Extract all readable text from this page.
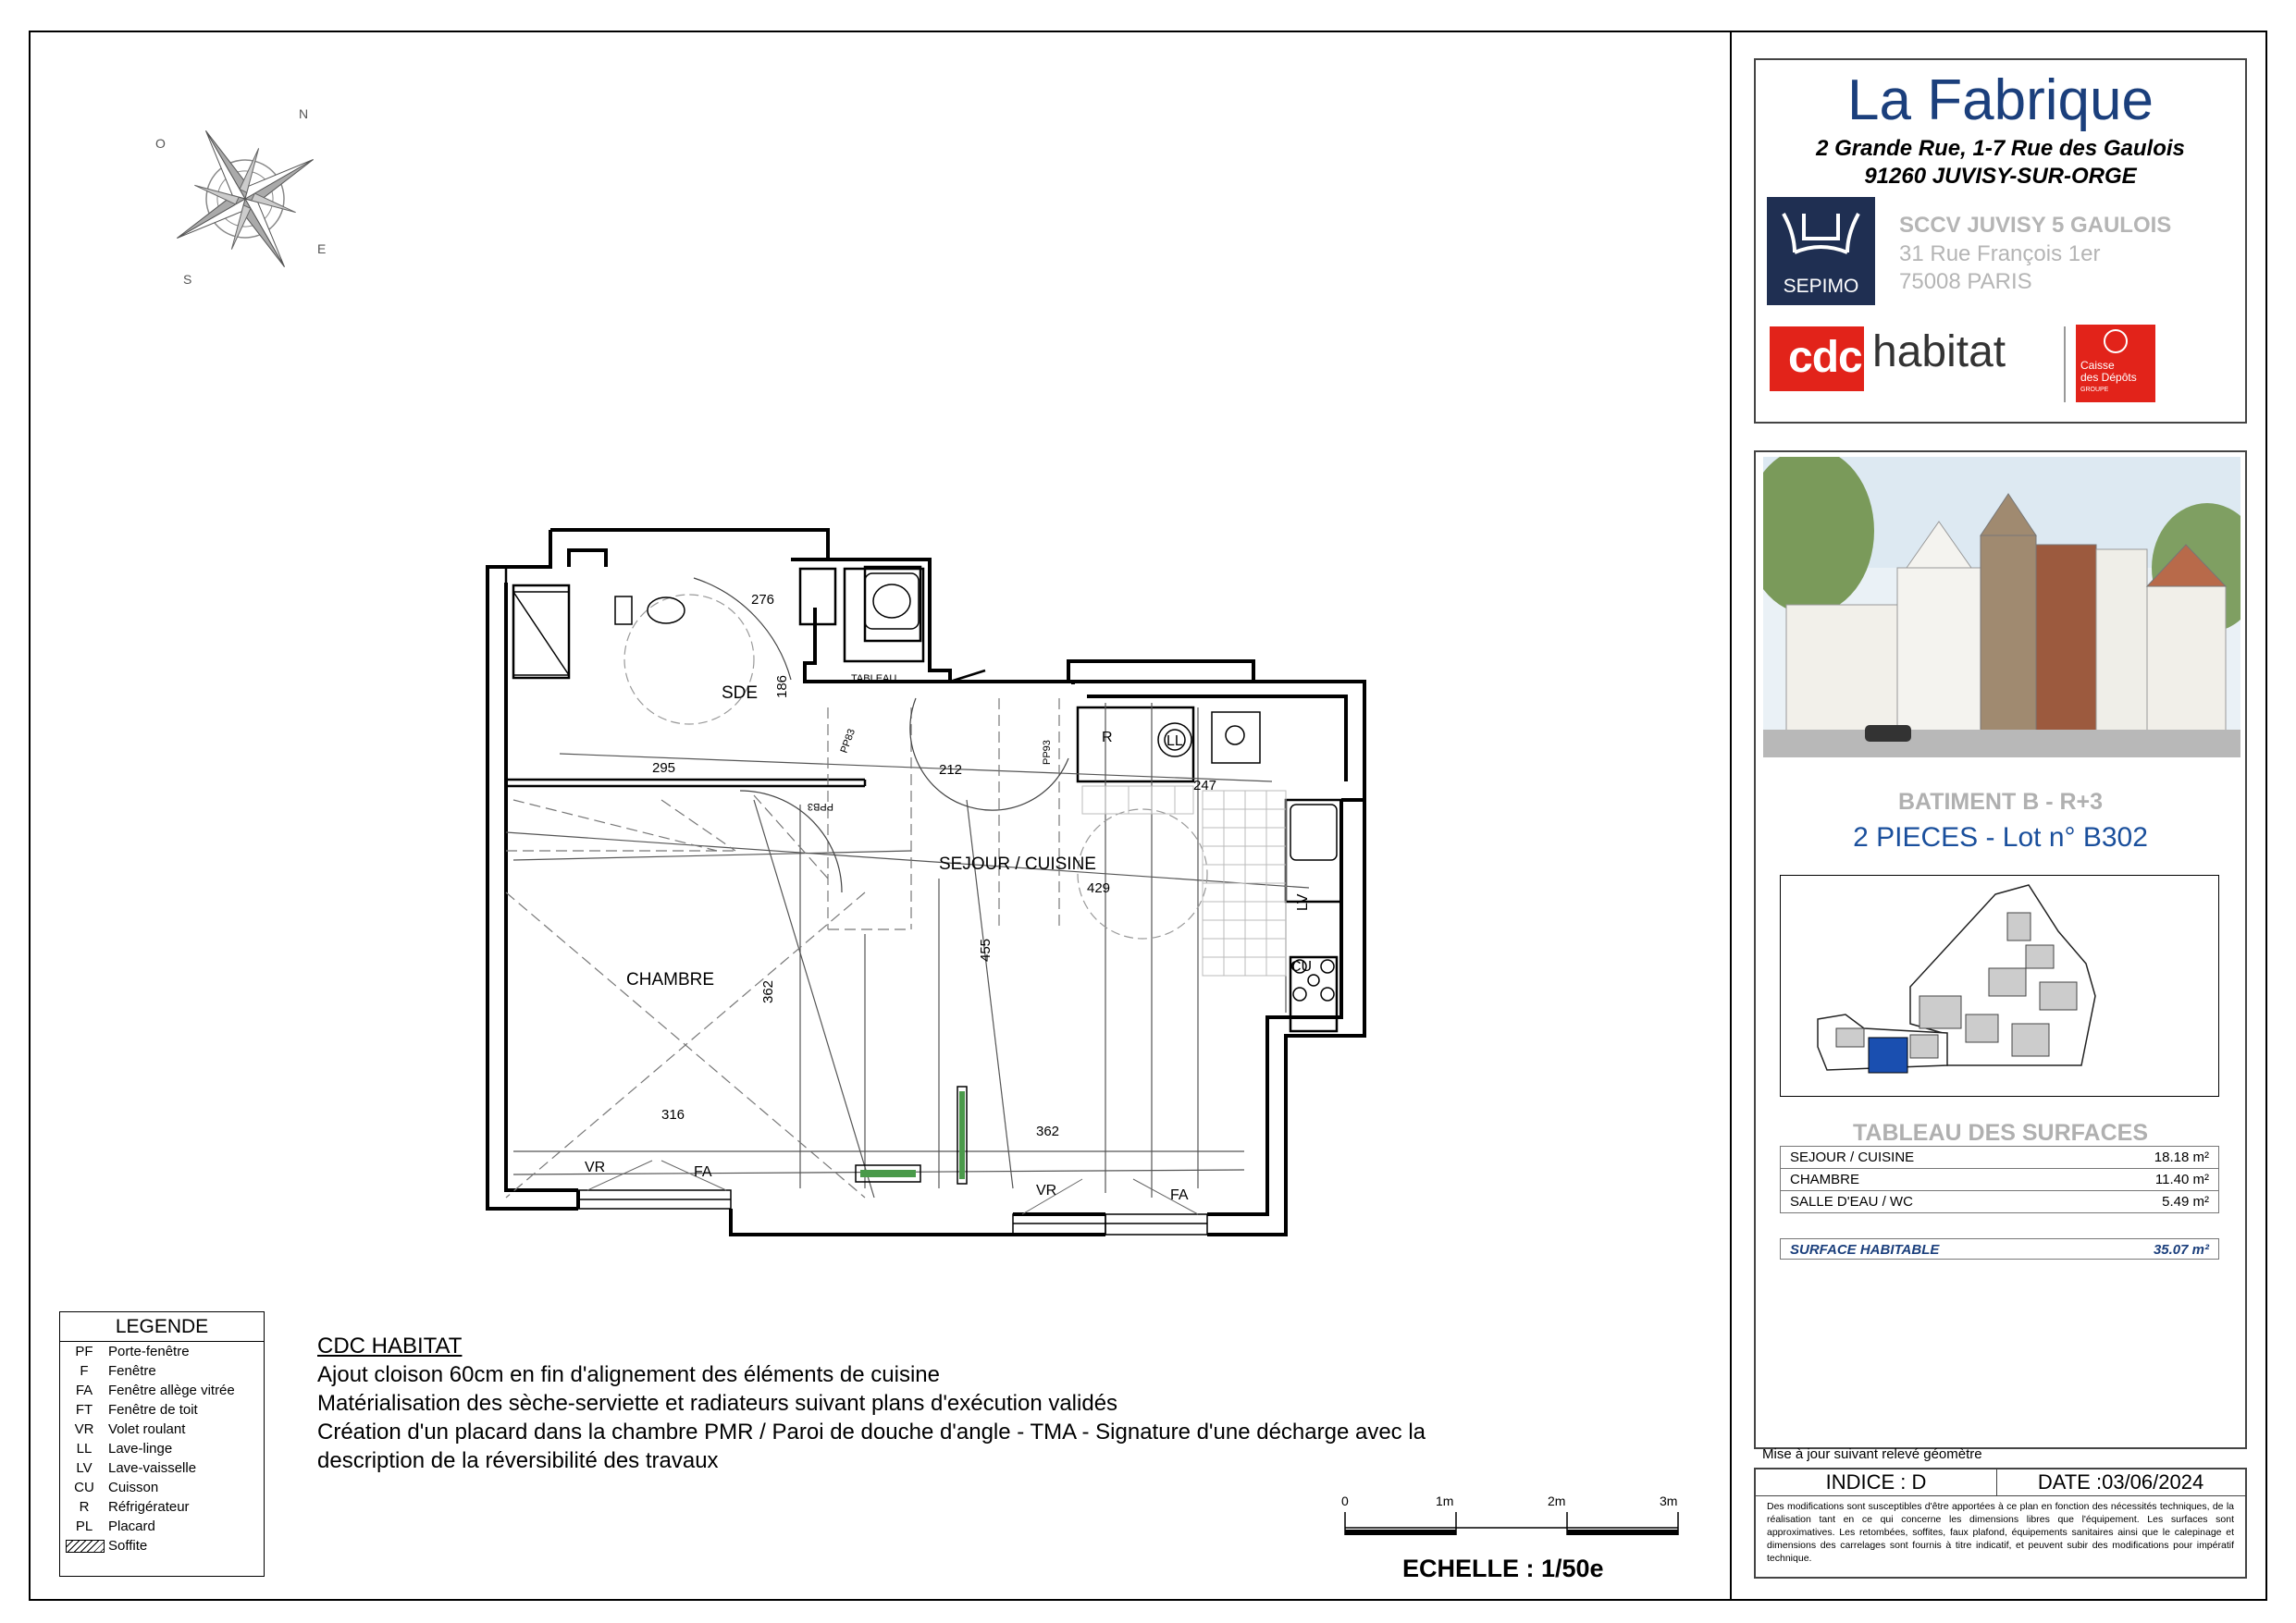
N
E
S
O
SDE
SEJOUR / CUISINE
CHAMBRE
276
186
295	212
247
429
455
362
316
362
TABLEAU
PPB3
PP83	PP93
R	LL
LV
CU
VR	FA
VR	FA
LEGENDE
PF	Porte-fenêtre
F	Fenêtre
FA	Fenêtre allège vitrée
FT	Fenêtre de toit
VR	Volet roulant
LL	Lave-linge
LV	Lave-vaisselle
CU	Cuisson
R	Réfrigérateur
PL	Placard
Soffite
CDC HABITAT
Ajout cloison 60cm en fin d'alignement des éléments de cuisine
Matérialisation des sèche-serviette et radiateurs suivant plans d'exécution validés
Création d'un placard dans la chambre PMR / Paroi de douche d'angle - TMA - Signature d'une décharge avec la
description de la réversibilité des travaux
0	1m	2m	3m
ECHELLE : 1/50e
La Fabrique
2 Grande Rue, 1-7 Rue des Gaulois
91260 JUVISY-SUR-ORGE
SEPIMO
SCCV JUVISY 5 GAULOIS
31 Rue François 1er
75008 PARIS
cdc habitat	Caisse
des Dépôts
GROUPE
BATIMENT B - R+3
2 PIECES - Lot n° B302
TABLEAU DES SURFACES
SEJOUR / CUISINE	18.18 m²
CHAMBRE	11.40 m²
SALLE D'EAU / WC	5.49 m²
SURFACE HABITABLE	35.07 m²
Mise à jour suivant relevé géomètre
INDICE : D	DATE :03/06/2024
Des modifications sont susceptibles d'être apportées à ce plan en fonction des nécessités techniques, de la réalisation tant en ce qui concerne les dimensions libres que l'équipement. Les surfaces sont approximatives. Les retombées, soffites, faux plafond, équipements sanitaires ainsi que le calepinage et dimensions des carrelages sont fournis à titre indicatif, et peuvent subir des modifications pour impératif technique.
